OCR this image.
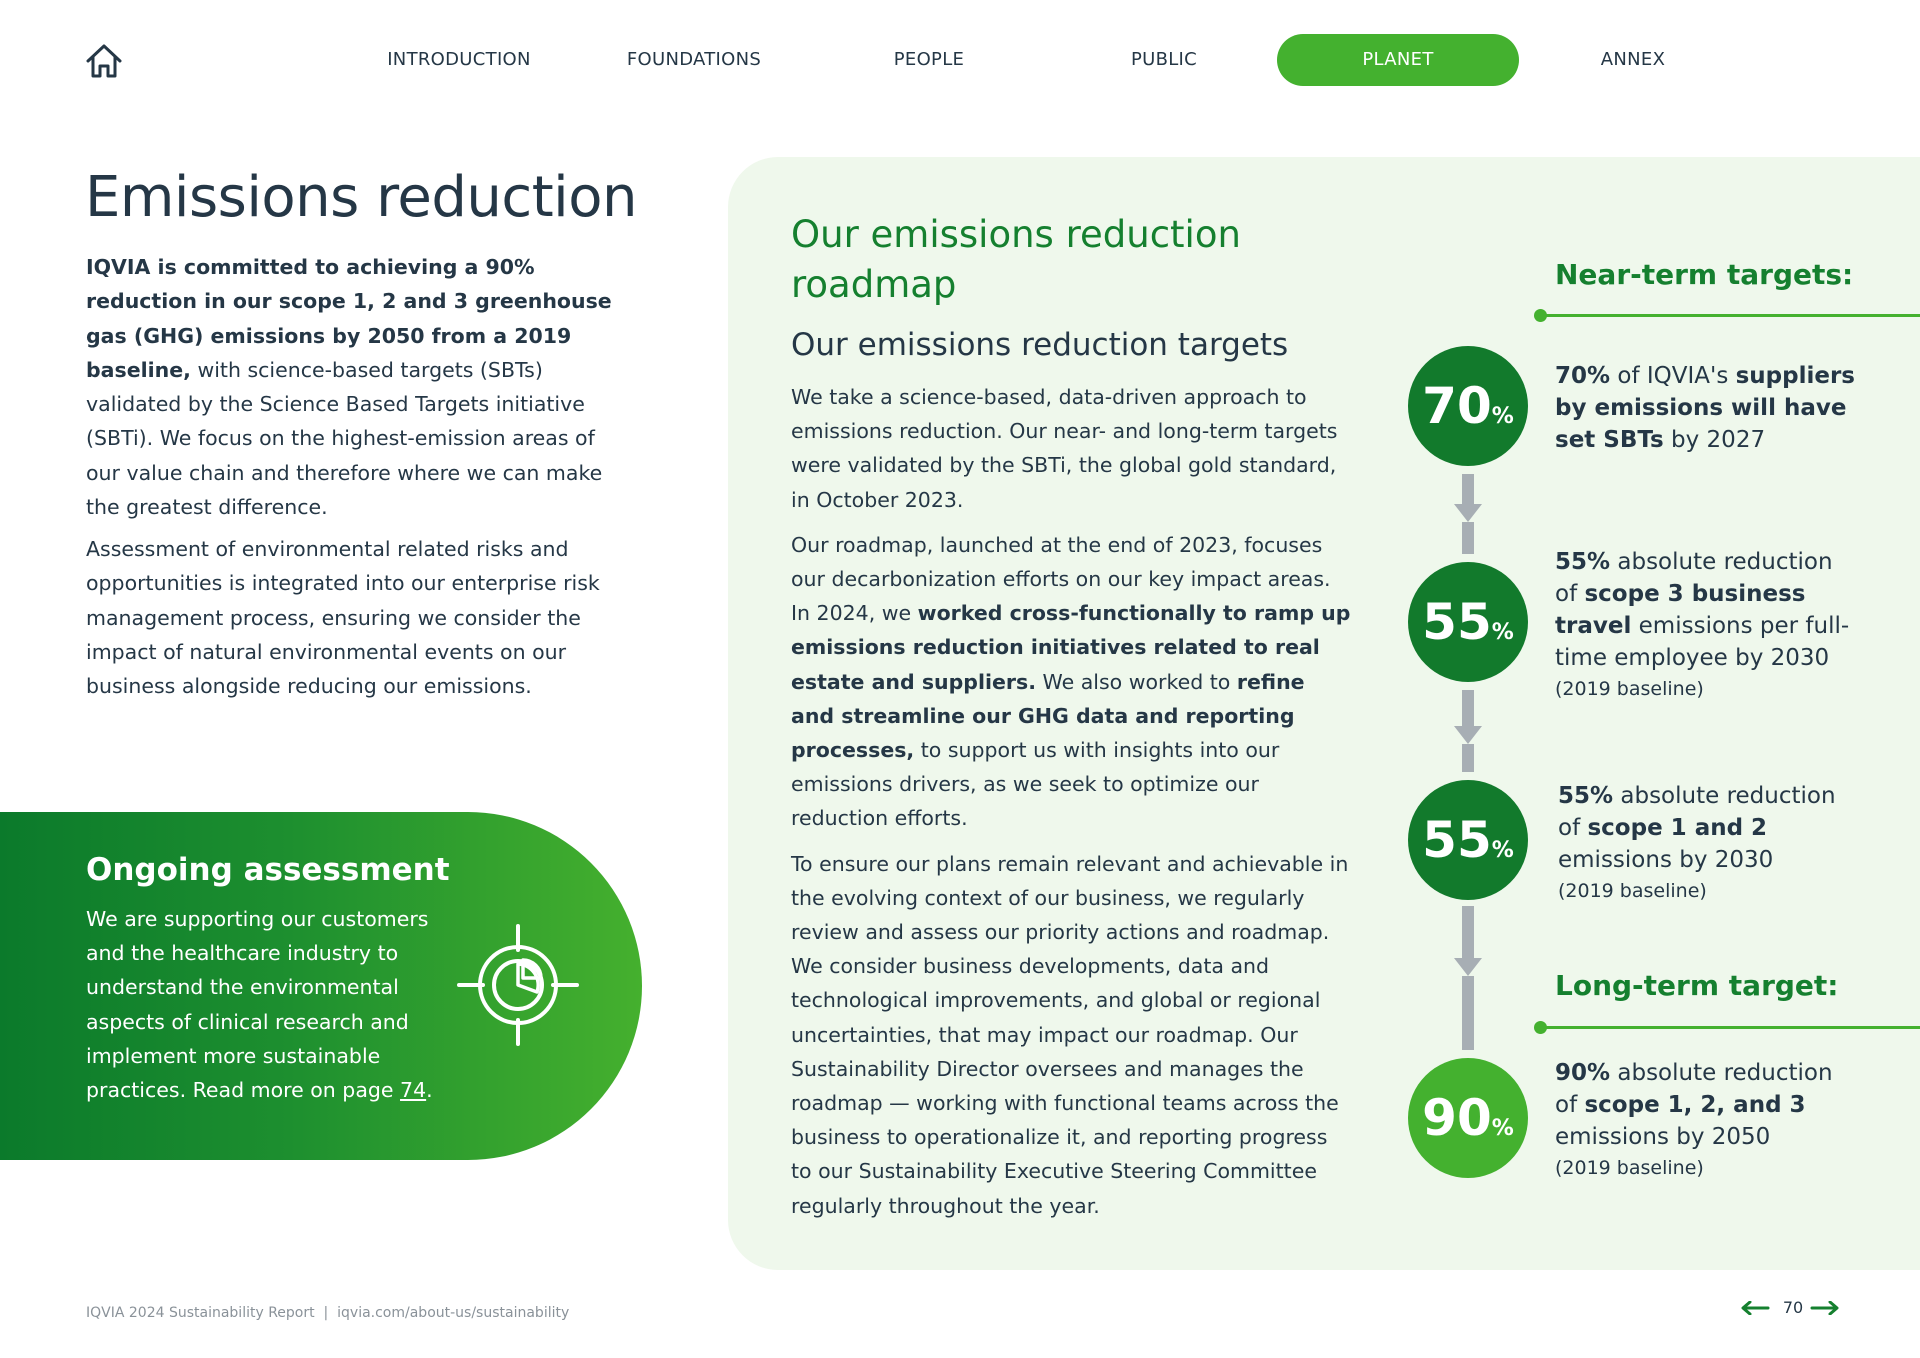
INTRODUCTION	FOUNDATIONS	PEOPLE	PUBLIC	PLANET	ANNEX
Emissions reduction
IQVIA is committed to achieving a 90% reduction in our scope 1, 2 and 3 greenhouse gas (GHG) emissions by 2050 from a 2019 baseline, with science-based targets (SBTs) validated by the Science Based Targets initiative (SBTi). We focus on the highest-emission areas of our value chain and therefore where we can make the greatest difference.
Assessment of environmental related risks and opportunities is integrated into our enterprise risk management process, ensuring we consider the impact of natural environmental events on our business alongside reducing our emissions.
Ongoing assessment

We are supporting our customers and the healthcare industry to understand the environmental aspects of clinical research and implement more sustainable practices. Read more on page 74.

Our emissions reduction roadmap
Our emissions reduction targets

We take a science-based, data-driven approach to emissions reduction. Our near- and long-term targets were validated by the SBTi, the global gold standard, in October 2023.

Our roadmap, launched at the end of 2023, focuses our decarbonization efforts on our key impact areas. In 2024, we worked cross-functionally to ramp up emissions reduction initiatives related to real estate and suppliers. We also worked to refine and streamline our GHG data and reporting processes, to support us with insights into our emissions drivers, as we seek to optimize our reduction efforts.

To ensure our plans remain relevant and achievable in the evolving context of our business, we regularly review and assess our priority actions and roadmap. We consider business developments, data and technological improvements, and global or regional uncertainties, that may impact our roadmap. Our Sustainability Director oversees and manages the roadmap — working with functional teams across the business to operationalize it, and reporting progress to our Sustainability Executive Steering Committee regularly throughout the year.

Near-term targets:
70%
55%
55%
90%
70% of IQVIA's suppliers by emissions will have set SBTs by 2027
55% absolute reduction of scope 3 business travel emissions per full-time employee by 2030
(2019 baseline)
55% absolute reduction of scope 1 and 2 emissions by 2030
(2019 baseline)
Long-term target:
90% absolute reduction of scope 1, 2, and 3 emissions by 2050
(2019 baseline)
IQVIA 2024 Sustainability Report  |  iqvia.com/about-us/sustainability	70
